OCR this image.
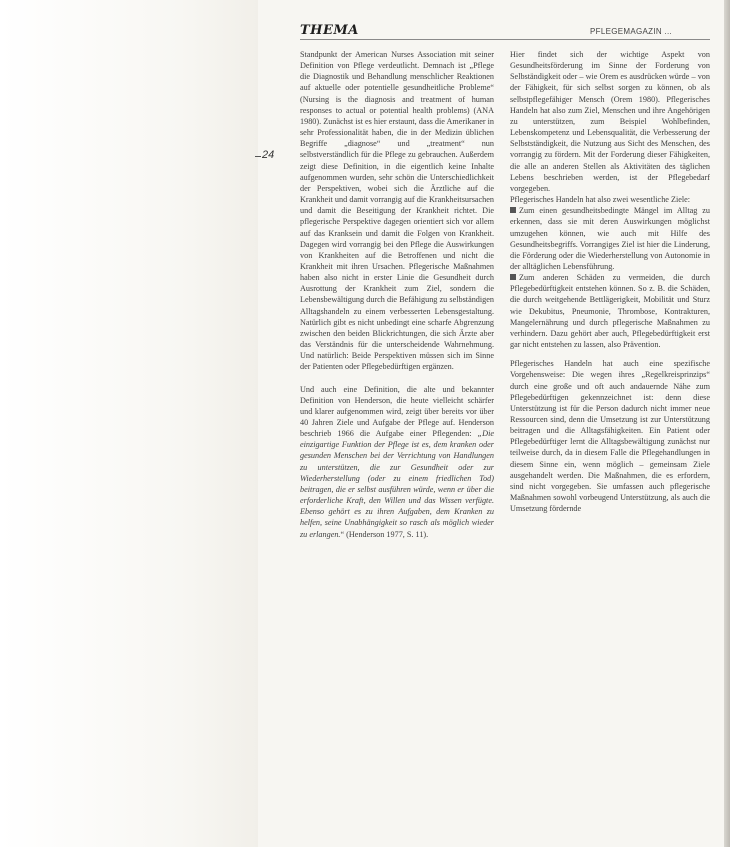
THEMA	PFLEGEMAGAZIN ...
24

Standpunkt der American Nurses Association mit seiner Definition von Pflege verdeutlicht. Demnach ist „Pflege die Diagnostik und Behandlung menschlicher Reaktionen auf aktuelle oder potentielle gesundheitliche Probleme“ (Nursing is the diagnosis and treatment of human responses to actual or potential health problems) (ANA 1980). Zunächst ist es hier erstaunt, dass die Amerikaner in sehr Professionalität haben, die in der Medizin üblichen Begriffe „diagnose“ und „treatment“ nun selbstverständlich für die Pflege zu gebrauchen. Außerdem zeigt diese Definition, in die eigentlich keine Inhalte aufgenommen wurden, sehr schön die Unterschiedlichkeit der Perspektiven, wobei sich die Ärztliche auf die Krankheit und damit vorrangig auf die Krankheitsursachen und damit die Beseitigung der Krankheit richtet. Die pflegerische Perspektive dagegen orientiert sich vor allem auf das Kranksein und damit die Folgen von Krankheit. Dagegen wird vorrangig bei den Pflege die Auswirkungen von Krankheiten auf die Betroffenen und nicht die Krankheit mit ihren Ursachen. Pflegerische Maßnahmen haben also nicht in erster Linie die Gesundheit durch Ausrottung der Krankheit zum Ziel, sondern die Lebensbewältigung durch die Befähigung zu selbständigen Alltagshandeln zu einem verbesserten Lebensgestaltung. Natürlich gibt es nicht unbedingt eine scharfe Abgrenzung zwischen den beiden Blickrichtungen, die sich Ärzte aber das Verständnis für die unterscheidende Wahrnehmung. Und natürlich: Beide Perspektiven müssen sich im Sinne der Patienten oder Pflegebedürftigen ergänzen.

Und auch eine Definition, die alte und bekannter Definition von Henderson, die heute vielleicht schärfer und klarer aufgenommen wird, zeigt über bereits vor über 40 Jahren Ziele und Aufgabe der Pflege auf. Henderson beschrieb 1966 die Aufgabe einer Pflegenden: „Die einzigartige Funktion der Pflege ist es, dem kranken oder gesunden Menschen bei der Verrichtung von Handlungen zu unterstützen, die zur Gesundheit oder zur Wiederherstellung (oder zu einem friedlichen Tod) beitragen, die er selbst ausführen würde, wenn er über die erforderliche Kraft, den Willen und das Wissen verfügte. Ebenso gehört es zu ihren Aufgaben, dem Kranken zu helfen, seine Unabhängigkeit so rasch als möglich wieder zu erlangen.“ (Henderson 1977, S. 11).

Hier findet sich der wichtige Aspekt von Gesundheitsförderung im Sinne der Forderung von Selbständigkeit oder – wie Orem es ausdrücken würde – von der Fähigkeit, für sich selbst sorgen zu können, ob als selbstpflegefähiger Mensch (Orem 1980). Pflegerisches Handeln hat also zum Ziel, Menschen und ihre Angehörigen zu unterstützen, zum Beispiel Wohlbefinden, Lebenskompetenz und Lebensqualität, die Verbesserung der Selbstständigkeit, die Nutzung aus Sicht des Menschen, des vorrangig zu fördern. Mit der Forderung dieser Fähigkeiten, die alle an anderen Stellen als Aktivitäten des täglichen Lebens beschrieben werden, ist der Pflegebedarf vorgegeben.

Pflegerisches Handeln hat also zwei wesentliche Ziele:

Zum einen gesundheitsbedingte Mängel im Alltag zu erkennen, dass sie mit deren Auswirkungen möglichst umzugehen können, wie auch mit Hilfe des Gesundheitsbegriffs. Vorrangiges Ziel ist hier die Linderung, die Förderung oder die Wiederherstellung von Autonomie in der alltäglichen Lebensführung.

Zum anderen Schäden zu vermeiden, die durch Pflegebedürftigkeit entstehen können. So z. B. die Schäden, die durch weitgehende Bettlägerigkeit, Mobilität und Sturz wie Dekubitus, Pneumonie, Thrombose, Kontrakturen, Mangelernährung und durch pflegerische Maßnahmen zu verhindern. Dazu gehört aber auch, Pflegebedürftigkeit erst gar nicht entstehen zu lassen, also Prävention.

Pflegerisches Handeln hat auch eine spezifische Vorgehensweise: Die wegen ihres „Regelkreisprinzips“ durch eine große und oft auch andauernde Nähe zum Pflegebedürftigen gekennzeichnet ist: denn diese Unterstützung ist für die Person dadurch nicht immer neue Ressourcen sind, denn die Umsetzung ist zur Unterstützung beitragen und die Alltagsfähigkeiten. Ein Patient oder Pflegebedürftiger lernt die Alltagsbewältigung zunächst nur teilweise durch, da in diesem Falle die Pflegehandlungen in diesem Sinne ein, wenn möglich – gemeinsam Ziele ausgehandelt werden. Die Maßnahmen, die es erfordern, sind nicht vorgegeben. Sie umfassen auch pflegerische Maßnahmen sowohl vorbeugend Unterstützung, als auch die Umsetzung fördernde
